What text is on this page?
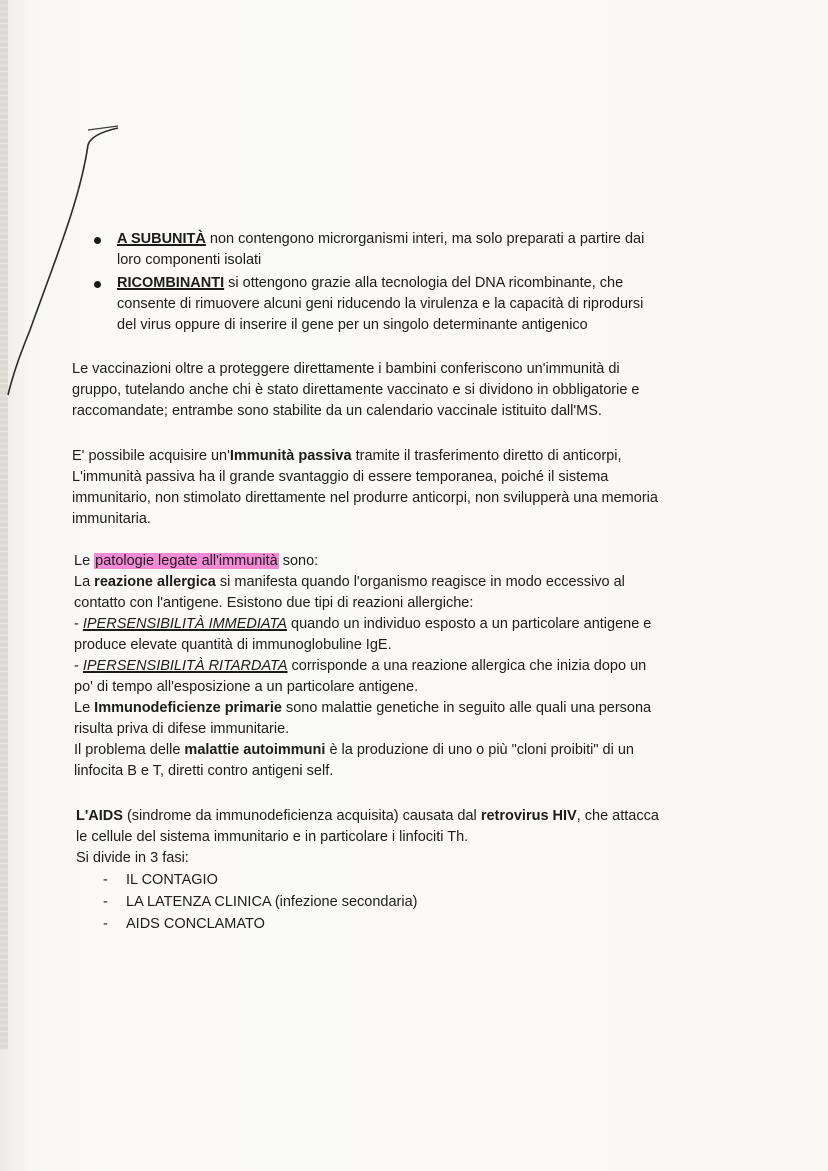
A SUBUNITÀ non contengono microrganismi interi, ma solo preparati a partire dai
loro componenti isolati
RICOMBINANTI si ottengono grazie alla tecnologia del DNA ricombinante, che
consente di rimuovere alcuni geni riducendo la virulenza e la capacità di riprodursi
del virus oppure di inserire il gene per un singolo determinante antigenico
Le vaccinazioni oltre a proteggere direttamente i bambini conferiscono un'immunità di
gruppo, tutelando anche chi è stato direttamente vaccinato e si dividono in obbligatorie e
raccomandate; entrambe sono stabilite da un calendario vaccinale istituito dall'MS.
E' possibile acquisire un'Immunità passiva tramite il trasferimento diretto di anticorpi,
L'immunità passiva ha il grande svantaggio di essere temporanea, poiché il sistema
immunitario, non stimolato direttamente nel produrre anticorpi, non svilupperà una memoria
immunitaria.
Le patologie legate all'immunità sono:
La reazione allergica si manifesta quando l'organismo reagisce in modo eccessivo al
contatto con l'antigene. Esistono due tipi di reazioni allergiche:
- IPERSENSIBILITÀ IMMEDIATA quando un individuo esposto a un particolare antigene e
produce elevate quantità di immunoglobuline IgE.
- IPERSENSIBILITÀ RITARDATA corrisponde a una reazione allergica che inizia dopo un
po' di tempo all'esposizione a un particolare antigene.
Le Immunodeficienze primarie sono malattie genetiche in seguito alle quali una persona
risulta priva di difese immunitarie.
Il problema delle malattie autoimmuni è la produzione di uno o più "cloni proibiti" di un
linfocita B e T, diretti contro antigeni self.
L'AIDS (sindrome da immunodeficienza acquisita) causata dal retrovirus HIV, che attacca
le cellule del sistema immunitario e in particolare i linfociti Th.
Si divide in 3 fasi:
- IL CONTAGIO
- LA LATENZA CLINICA (infezione secondaria)
- AIDS CONCLAMATO
